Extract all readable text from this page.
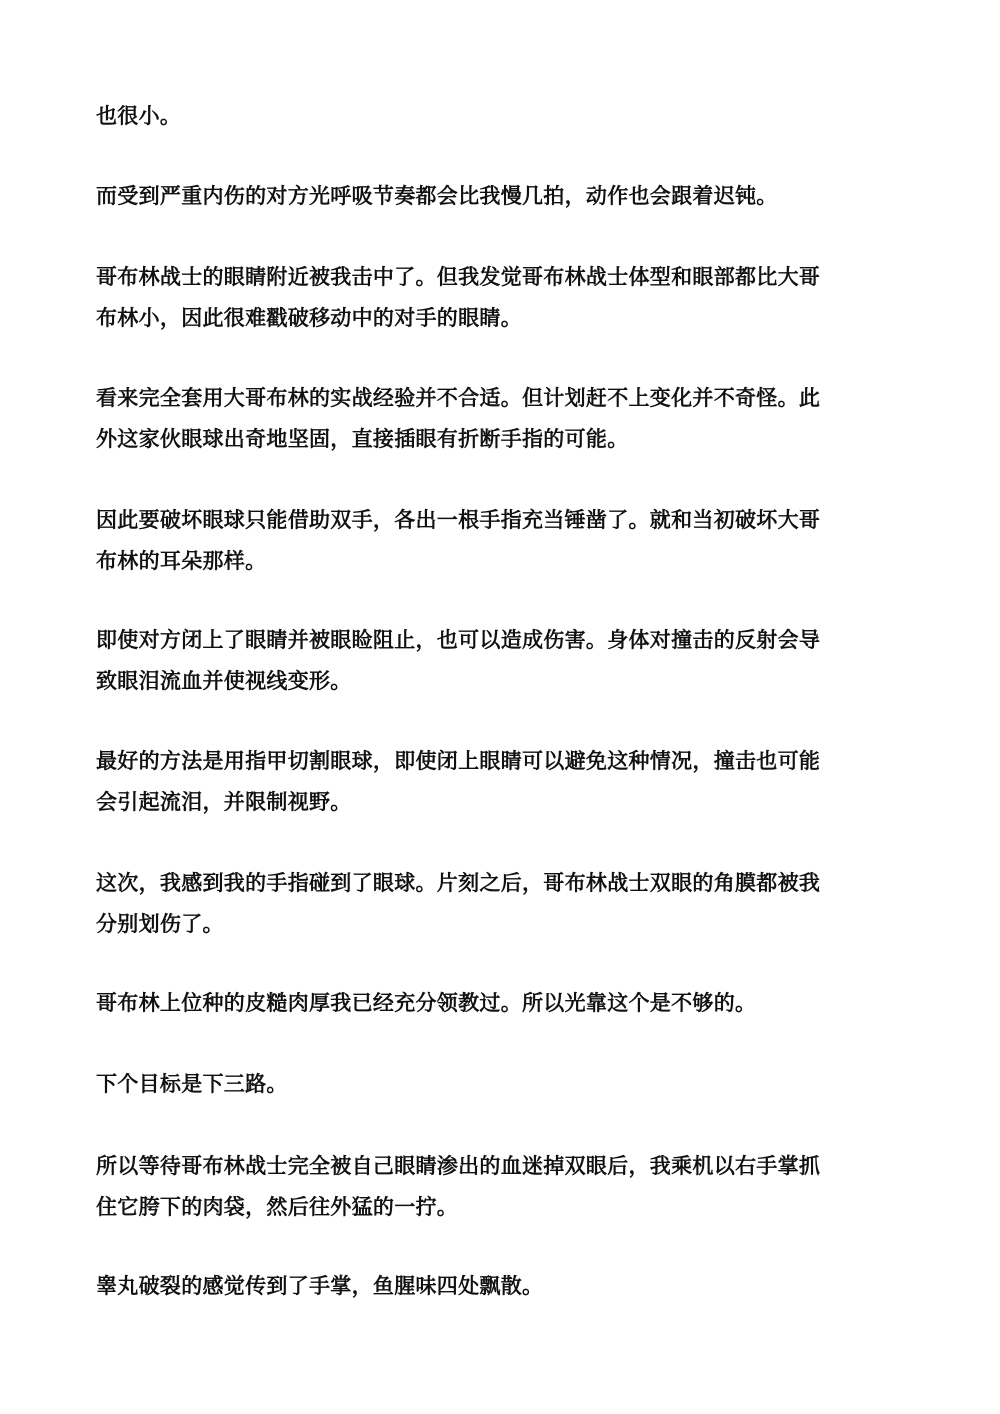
也很小。

而受到严重内伤的对方光呼吸节奏都会比我慢几拍，动作也会跟着迟钝。

哥布林战士的眼睛附近被我击中了。但我发觉哥布林战士体型和眼部都比大哥
布林小，因此很难戳破移动中的对手的眼睛。

看来完全套用大哥布林的实战经验并不合适。但计划赶不上变化并不奇怪。此
外这家伙眼球出奇地坚固，直接插眼有折断手指的可能。

因此要破坏眼球只能借助双手，各出一根手指充当锤凿了。就和当初破坏大哥
布林的耳朵那样。

即使对方闭上了眼睛并被眼睑阻止，也可以造成伤害。身体对撞击的反射会导
致眼泪流血并使视线变形。

最好的方法是用指甲切割眼球，即使闭上眼睛可以避免这种情况，撞击也可能
会引起流泪，并限制视野。

这次，我感到我的手指碰到了眼球。片刻之后，哥布林战士双眼的角膜都被我
分别划伤了。

哥布林上位种的皮糙肉厚我已经充分领教过。所以光靠这个是不够的。

下个目标是下三路。

所以等待哥布林战士完全被自己眼睛渗出的血迷掉双眼后，我乘机以右手掌抓
住它胯下的肉袋，然后往外猛的一拧。

睾丸破裂的感觉传到了手掌，鱼腥味四处飘散。
